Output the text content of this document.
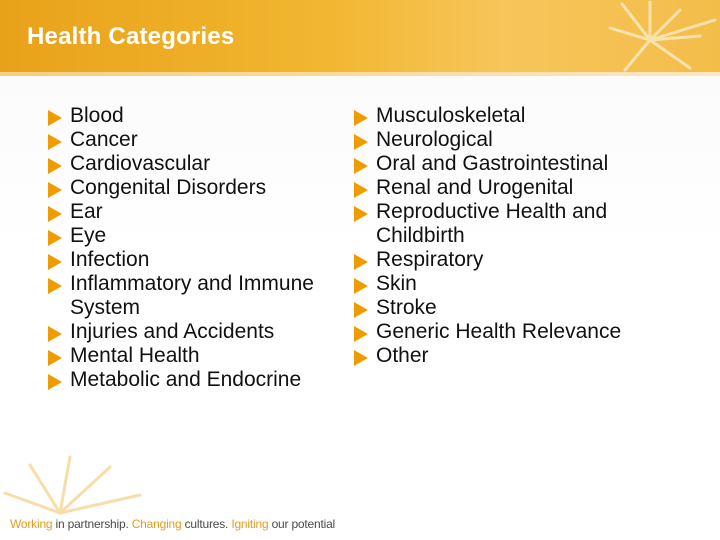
Health Categories
Blood
Cancer
Cardiovascular
Congenital Disorders
Ear
Eye
Infection
Inflammatory and Immune
System
Injuries and Accidents
Mental Health
Metabolic and Endocrine
Musculoskeletal
Neurological
Oral and Gastrointestinal
Renal and Urogenital
Reproductive Health and
Childbirth
Respiratory
Skin
Stroke
Generic Health Relevance
Other
Working in partnership. Changing cultures. Igniting our potential
